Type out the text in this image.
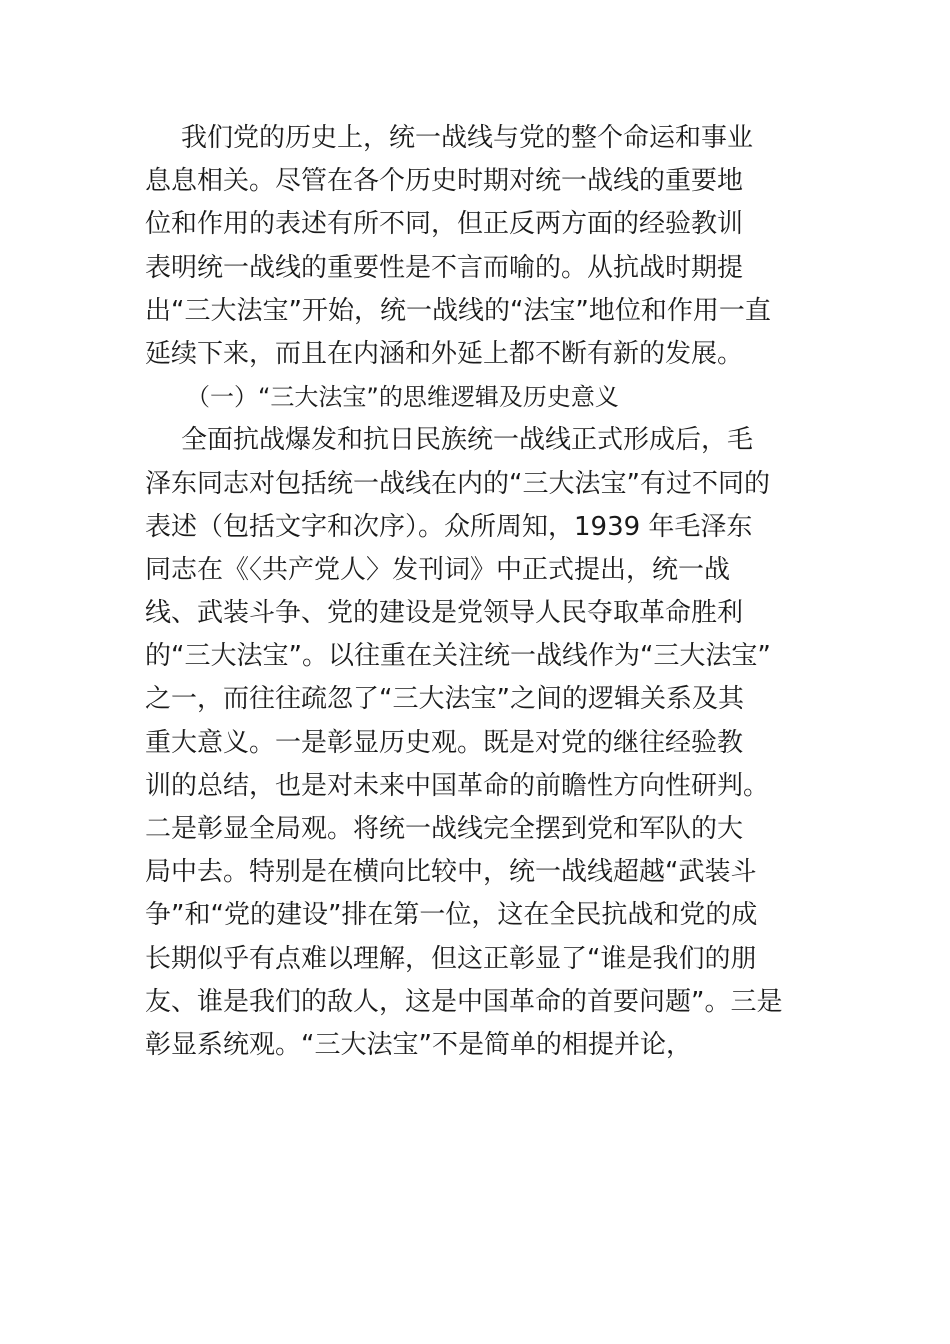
我们党的历史上，统一战线与党的整个命运和事业
息息相关。尽管在各个历史时期对统一战线的重要地
位和作用的表述有所不同，但正反两方面的经验教训
表明统一战线的重要性是不言而喻的。从抗战时期提
出“三大法宝”开始，统一战线的“法宝”地位和作用一直
延续下来，而且在内涵和外延上都不断有新的发展。
（一）“三大法宝”的思维逻辑及历史意义
全面抗战爆发和抗日民族统一战线正式形成后，毛
泽东同志对包括统一战线在内的“三大法宝”有过不同的
表述（包括文字和次序）。众所周知，1939 年毛泽东
同志在《〈共产党人〉发刊词》中正式提出，统一战
线、武装斗争、党的建设是党领导人民夺取革命胜利
的“三大法宝”。以往重在关注统一战线作为“三大法宝”
之一，而往往疏忽了“三大法宝”之间的逻辑关系及其
重大意义。一是彰显历史观。既是对党的继往经验教
训的总结，也是对未来中国革命的前瞻性方向性研判。
二是彰显全局观。将统一战线完全摆到党和军队的大
局中去。特别是在横向比较中，统一战线超越“武装斗
争”和“党的建设”排在第一位，这在全民抗战和党的成
长期似乎有点难以理解，但这正彰显了“谁是我们的朋
友、谁是我们的敌人，这是中国革命的首要问题”。三是
彰显系统观。“三大法宝”不是简单的相提并论，
